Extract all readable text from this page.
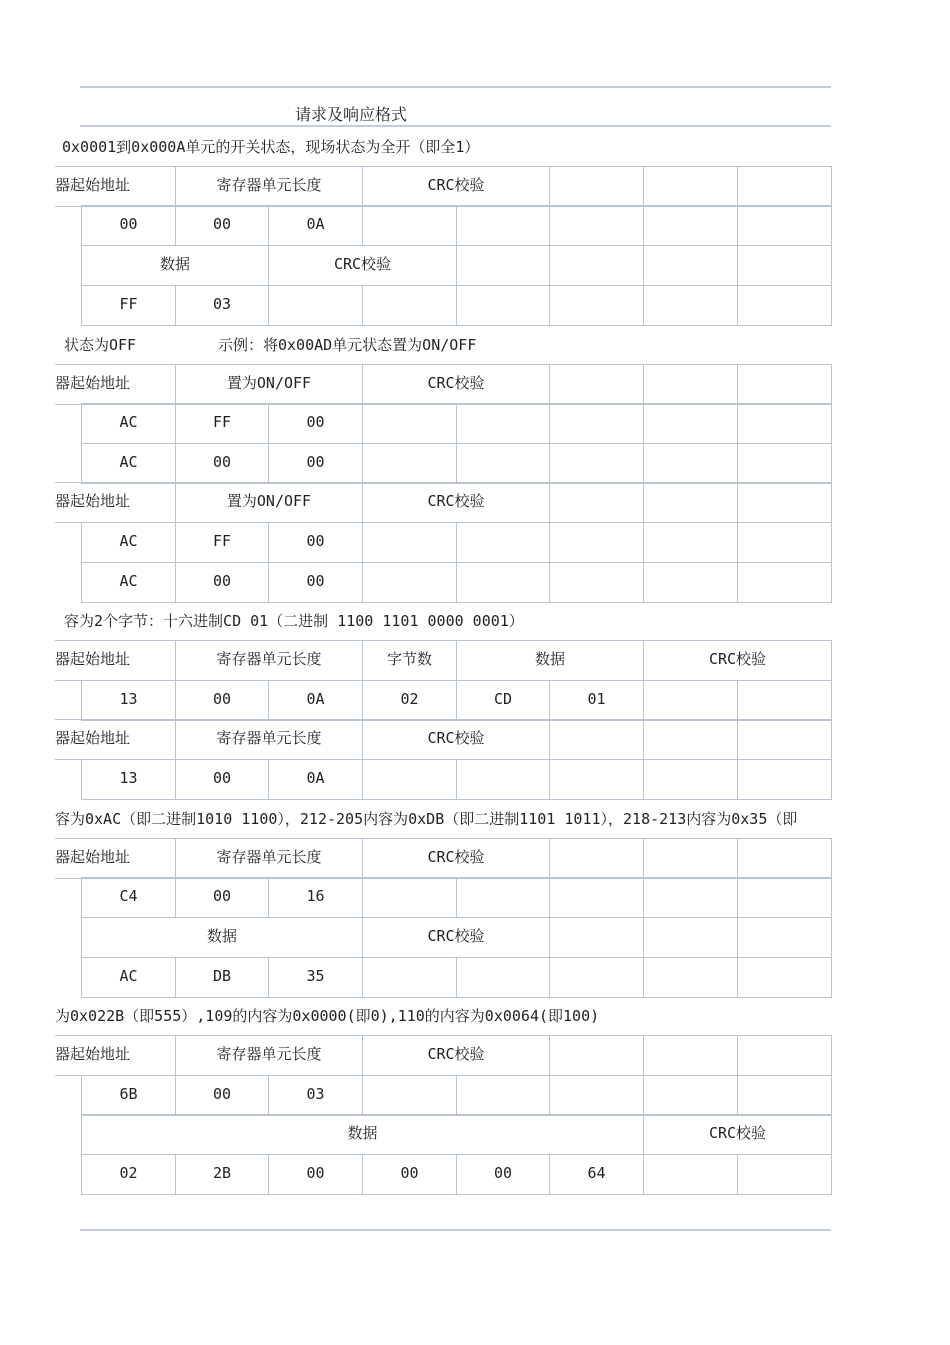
请求及响应格式
0x0001到0x000A单元的开关状态，现场状态为全开（即全1）
状态为OFF	示例：将0x00AD单元状态置为ON/OFF
容为2个字节：十六进制CD 01（二进制 1100 1101 0000 0001）
容为0xAC（即二进制1010 1100），212-205内容为0xDB（即二进制1101 1011），218-213内容为0x35（即
为0x022B（即555）,109的内容为0x0000(即0),110的内容为0x0064(即100)
器起始地址	寄存器单元长度	CRC校验
00	00	0A
数据	CRC校验
FF	03
器起始地址	置为ON/OFF	CRC校验
AC	FF	00
AC	00	00
器起始地址	置为ON/OFF	CRC校验
AC	FF	00
AC	00	00
器起始地址	寄存器单元长度	字节数	数据	CRC校验
13	00	0A	02	CD	01
器起始地址	寄存器单元长度	CRC校验
13	00	0A
器起始地址	寄存器单元长度	CRC校验
C4	00	16
数据	CRC校验
AC	DB	35
器起始地址	寄存器单元长度	CRC校验
6B	00	03
数据	CRC校验
02	2B	00	00	00	64
